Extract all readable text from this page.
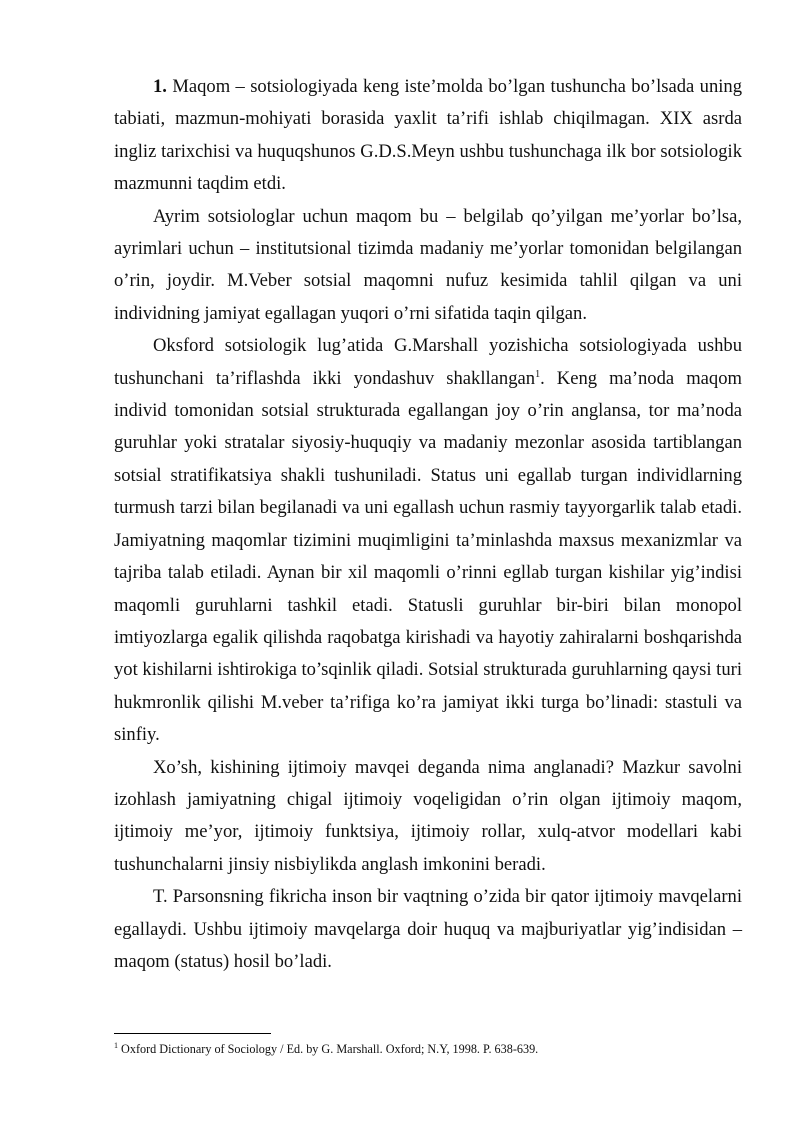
1. Maqom – sotsiologiyada keng iste’molda bo’lgan tushuncha bo’lsada uning tabiati, mazmun-mohiyati borasida yaxlit ta’rifi ishlab chiqilmagan. XIX asrda ingliz tarixchisi va huquqshunos G.D.S.Meyn ushbu tushunchaga ilk bor sotsiologik mazmunni taqdim etdi.

Ayrim sotsiologlar uchun maqom bu – belgilab qo’yilgan me’yorlar bo’lsa, ayrimlari uchun – institutsional tizimda madaniy me’yorlar tomonidan belgilangan o’rin, joydir. M.Veber sotsial maqomni nufuz kesimida tahlil qilgan va uni individning jamiyat egallagan yuqori o’rni sifatida taqin qilgan.

Oksford sotsiologik lug’atida G.Marshall yozishicha sotsiologiyada ushbu tushunchani ta’riflashda ikki yondashuv shakllangan$^1$. Keng ma’noda maqom individ tomonidan sotsial strukturada egallangan joy o’rin anglansa, tor ma’noda guruhlar yoki stratalar siyosiy-huquqiy va madaniy mezonlar asosida tartiblangan sotsial stratifikatsiya shakli tushuniladi. Status uni egallab turgan individlarning turmush tarzi bilan begilanadi va uni egallash uchun rasmiy tayyorgarlik talab etadi. Jamiyatning maqomlar tizimini muqimligini ta’minlashda maxsus mexanizmlar va tajriba talab etiladi. Aynan bir xil maqomli o’rinni egllab turgan kishilar yig’indisi maqomli guruhlarni tashkil etadi. Statusli guruhlar bir-biri bilan monopol imtiyozlarga egalik qilishda raqobatga kirishadi va hayotiy zahiralarni boshqarishda yot kishilarni ishtirokiga to’sqinlik qiladi. Sotsial strukturada guruhlarning qaysi turi hukmronlik qilishi M.veber ta’rifiga ko’ra jamiyat ikki turga bo’linadi: stastuli va sinfiy.

Xo’sh, kishining ijtimoiy mavqei deganda nima anglanadi? Mazkur savolni izohlash jamiyatning chigal ijtimoiy voqeligidan o’rin olgan ijtimoiy maqom, ijtimoiy me’yor, ijtimoiy funktsiya, ijtimoiy rollar, xulq-atvor modellari kabi tushunchalarni jinsiy nisbiylikda anglash imkonini beradi.

T. Parsonsning fikricha inson bir vaqtning o’zida bir qator ijtimoiy mavqelarni egallaydi. Ushbu ijtimoiy mavqelarga doir huquq va majburiyatlar yig’indisidan – maqom (status) hosil bo’ladi.

$^1$ Oxford Dictionary of Sociology / Ed. by G. Marshall. Oxford; N.Y, 1998. P. 638-639.
